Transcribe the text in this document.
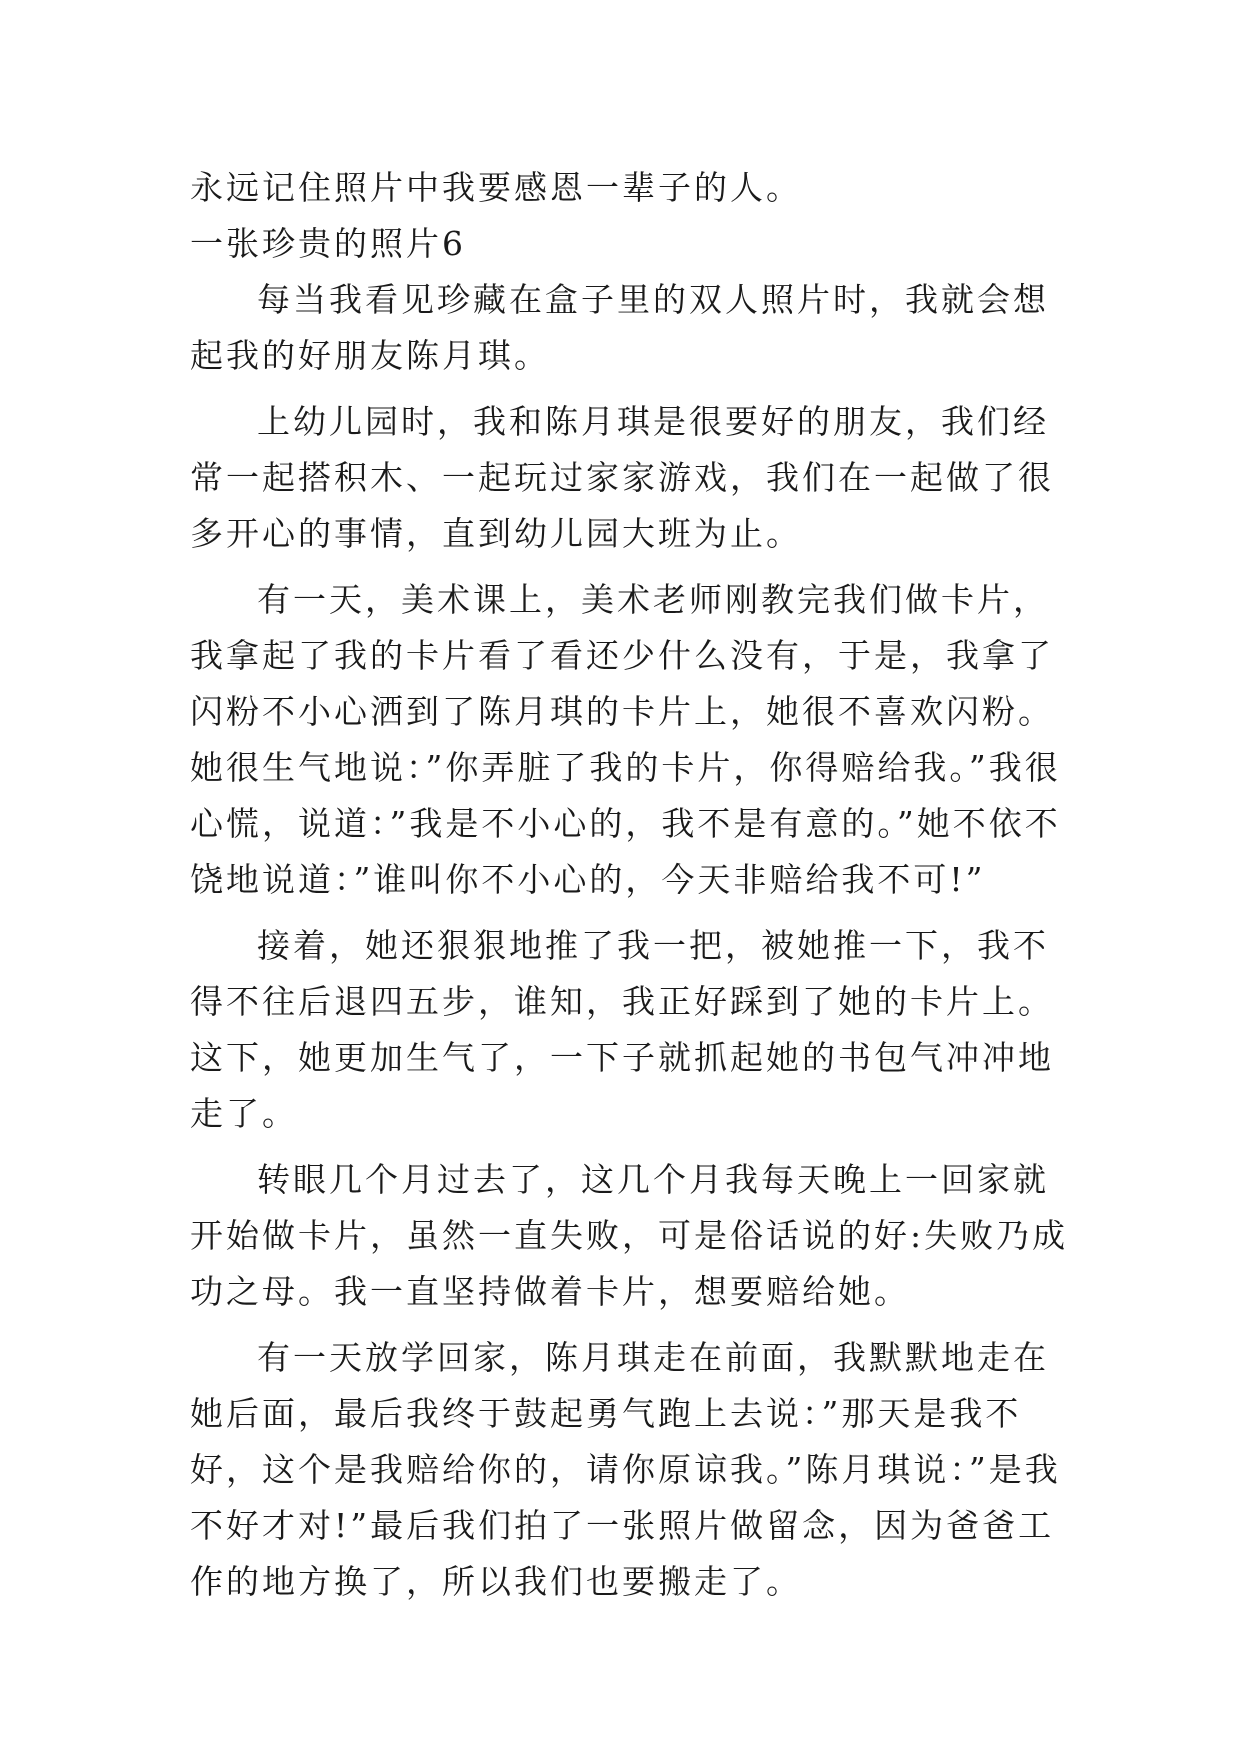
永远记住照片中我要感恩一辈子的人。

一张珍贵的照片6

每当我看见珍藏在盒子里的双人照片时，我就会想起我的好朋友陈月琪。

上幼儿园时，我和陈月琪是很要好的朋友，我们经常一起搭积木、一起玩过家家游戏，我们在一起做了很多开心的事情，直到幼儿园大班为止。

有一天，美术课上，美术老师刚教完我们做卡片，我拿起了我的卡片看了看还少什么没有，于是，我拿了闪粉不小心洒到了陈月琪的卡片上，她很不喜欢闪粉。她很生气地说：”你弄脏了我的卡片，你得赔给我。”我很心慌，说道：”我是不小心的，我不是有意的。”她不依不饶地说道：”谁叫你不小心的，今天非赔给我不可!”

接着，她还狠狠地推了我一把，被她推一下，我不得不往后退四五步，谁知，我正好踩到了她的卡片上。这下，她更加生气了，一下子就抓起她的书包气冲冲地走了。

转眼几个月过去了，这几个月我每天晚上一回家就开始做卡片，虽然一直失败，可是俗话说的好:失败乃成功之母。我一直坚持做着卡片，想要赔给她。

有一天放学回家，陈月琪走在前面，我默默地走在她后面，最后我终于鼓起勇气跑上去说：”那天是我不好，这个是我赔给你的，请你原谅我。”陈月琪说：”是我不好才对!”最后我们拍了一张照片做留念，因为爸爸工作的地方换了，所以我们也要搬走了。
